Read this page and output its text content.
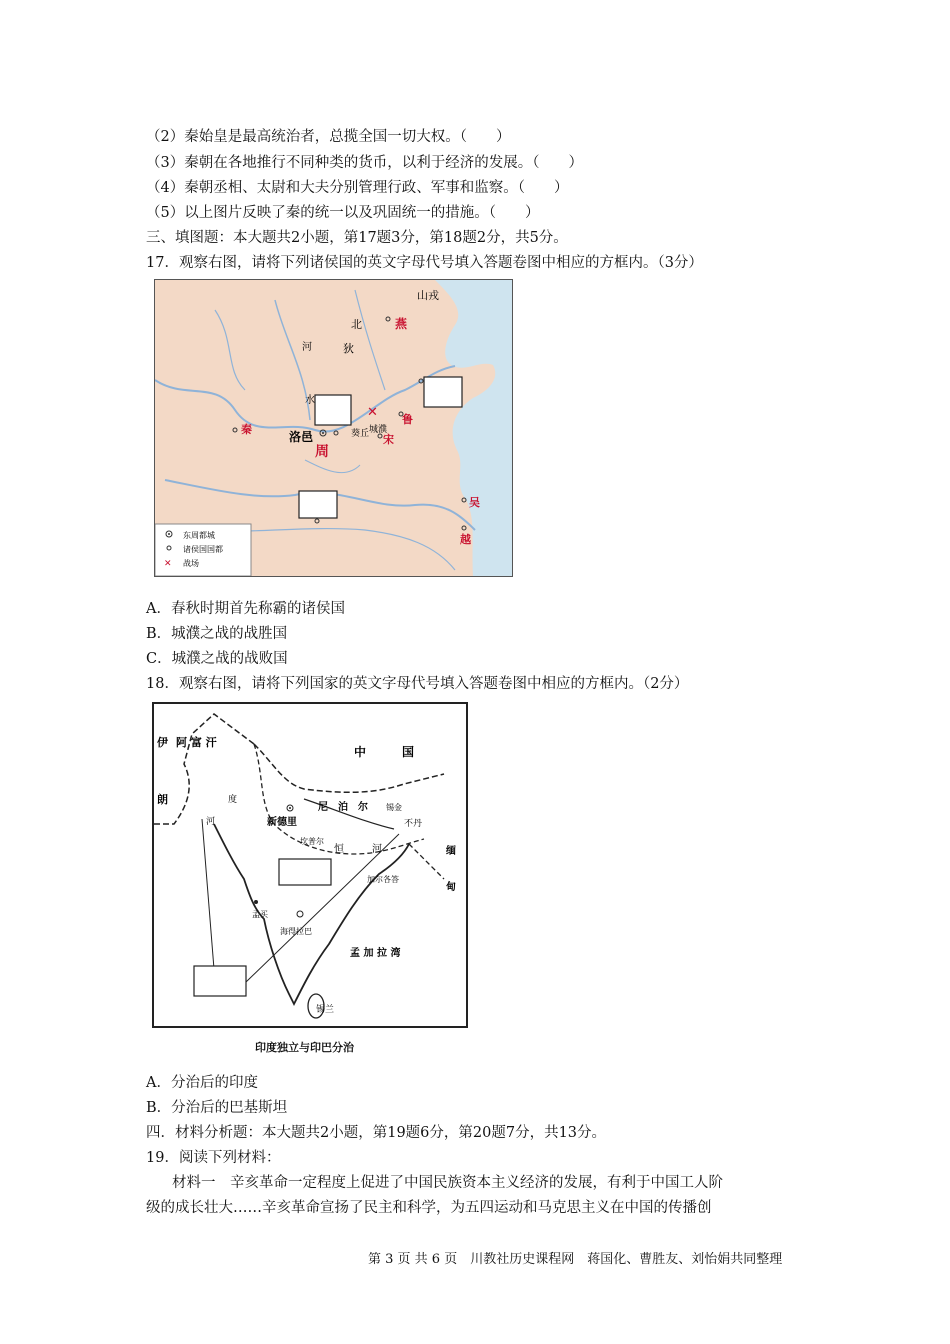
（2）秦始皇是最高统治者，总揽全国一切大权。（　　）
（3）秦朝在各地推行不同种类的货币，以利于经济的发展。（　　）
（4）秦朝丞相、太尉和大夫分别管理行政、军事和监察。（　　）
（5）以上图片反映了秦的统一以及巩固统一的措施。（　　）
三、填图题：本大题共2小题，第17题3分，第18题2分，共5分。
17．观察右图，请将下列诸侯国的英文字母代号填入答题卷图中相应的方框内。（3分）
山戎
北
狄
燕
河
水
✕
城濮
鲁
秦
洛邑
周
葵丘 宋
吴
越
东周都城
诸侯国国都
✕ 战场
A．春秋时期首先称霸的诸侯国
B．城濮之战的战胜国
C．城濮之战的战败国
18．观察右图，请将下列国家的英文字母代号填入答题卷图中相应的方框内。（2分）
伊
朗
阿 富 汗
中　　　国
河
度
新德里
尼　泊　尔 锡金
不丹
坎普尔
恒	河
加尔各答
缅
甸
孟买
海得拉巴
孟 加 拉 湾
锡兰
印度独立与印巴分治
A．分治后的印度
B．分治后的巴基斯坦
四．材料分析题：本大题共2小题，第19题6分，第20题7分，共13分。
19．阅读下列材料：
材料一　辛亥革命一定程度上促进了中国民族资本主义经济的发展，有利于中国工人阶
级的成长壮大……辛亥革命宣扬了民主和科学，为五四运动和马克思主义在中国的传播创
第 3 页 共 6 页　川教社历史课程网　蒋国化、曹胜友、刘怡娟共同整理
